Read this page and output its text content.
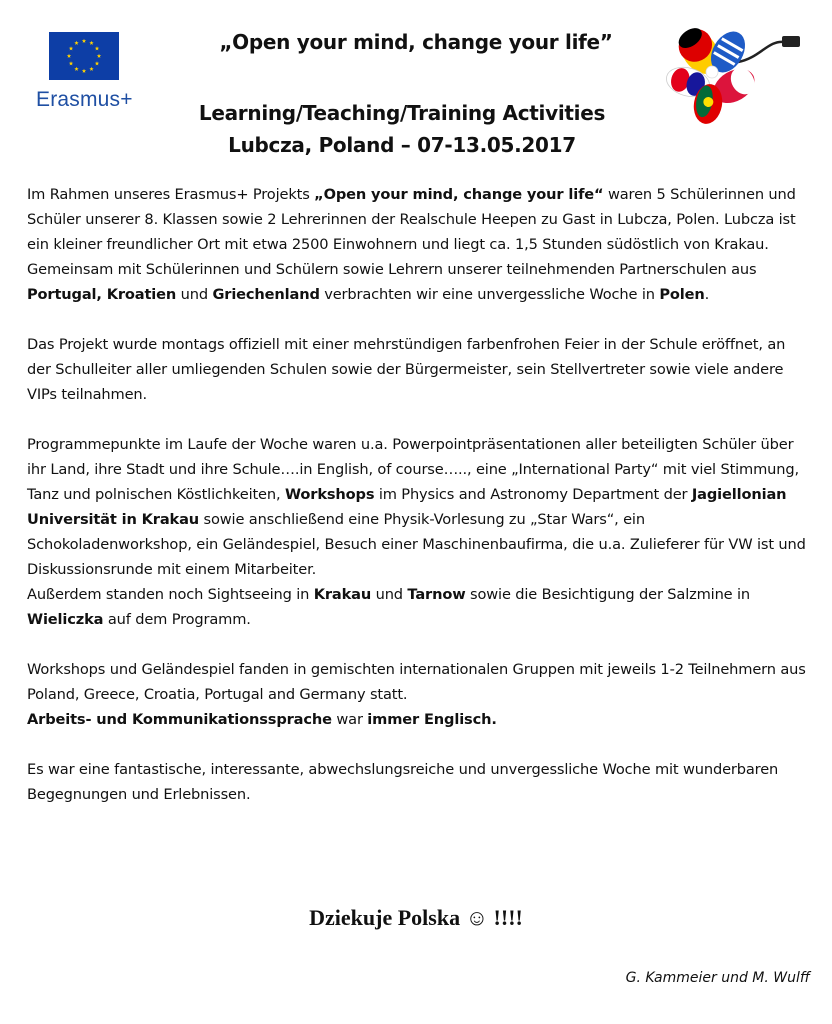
Erasmus+
„Open your mind, change your life”
Learning/Teaching/Training Activities
Lubcza, Poland – 07-13.05.2017

Im Rahmen unseres Erasmus+ Projekts „Open your mind, change your life“ waren 5 Schülerinnen und Schüler unserer 8. Klassen sowie 2 Lehrerinnen der Realschule Heepen zu Gast in Lubcza, Polen. Lubcza ist ein kleiner freundlicher Ort mit etwa 2500 Einwohnern und liegt ca. 1,5 Stunden südöstlich von Krakau. Gemeinsam mit Schülerinnen und Schülern sowie Lehrern unserer teilnehmenden Partnerschulen aus Portugal, Kroatien und Griechenland verbrachten wir eine unvergessliche Woche in Polen.

Das Projekt wurde montags offiziell mit einer mehrstündigen farbenfrohen Feier in der Schule eröffnet, an der Schulleiter aller umliegenden Schulen sowie der Bürgermeister, sein Stellvertreter sowie viele andere VIPs teilnahmen.

Programmepunkte im Laufe der Woche waren u.a. Powerpointpräsentationen aller beteiligten Schüler über ihr Land, ihre Stadt und ihre Schule….in English, of course….., eine „International Party“ mit viel Stimmung, Tanz und polnischen Köstlichkeiten, Workshops im Physics and Astronomy Department der Jagiellonian Universität in Krakau sowie anschließend eine Physik-Vorlesung zu „Star Wars“, ein Schokoladenworkshop, ein Geländespiel, Besuch einer Maschinenbaufirma, die u.a. Zulieferer für VW ist und Diskussionsrunde mit einem Mitarbeiter.

Außerdem standen noch Sightseeing in Krakau und Tarnow sowie die Besichtigung der Salzmine in Wieliczka auf dem Programm.

Workshops und Geländespiel fanden in gemischten internationalen Gruppen mit jeweils 1-2 Teilnehmern aus Poland, Greece, Croatia, Portugal and Germany statt.
Arbeits- und Kommunikationssprache war immer Englisch.

Es war eine fantastische, interessante, abwechslungsreiche und unvergessliche Woche mit wunderbaren Begegnungen und Erlebnissen.

Dziekuje Polska ☺ !!!!
G. Kammeier und M. Wulff
